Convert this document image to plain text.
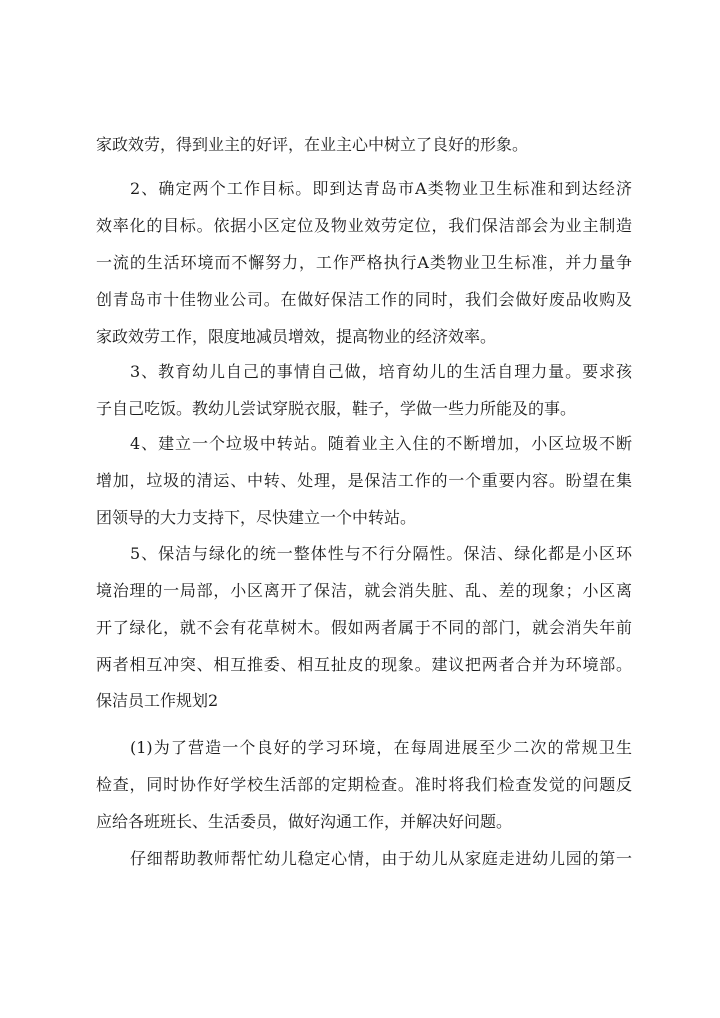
家政效劳，得到业主的好评，在业主心中树立了良好的形象。
2、确定两个工作目标。即到达青岛市A类物业卫生标准和到达经济
效率化的目标。依据小区定位及物业效劳定位，我们保洁部会为业主制造
一流的生活环境而不懈努力，工作严格执行A类物业卫生标准，并力量争
创青岛市十佳物业公司。在做好保洁工作的同时，我们会做好废品收购及
家政效劳工作，限度地减员增效，提高物业的经济效率。
3、教育幼儿自己的事情自己做，培育幼儿的生活自理力量。要求孩
子自己吃饭。教幼儿尝试穿脱衣服，鞋子，学做一些力所能及的事。
4、建立一个垃圾中转站。随着业主入住的不断增加，小区垃圾不断
增加，垃圾的清运、中转、处理，是保洁工作的一个重要内容。盼望在集
团领导的大力支持下，尽快建立一个中转站。
5、保洁与绿化的统一整体性与不行分隔性。保洁、绿化都是小区环
境治理的一局部，小区离开了保洁，就会消失脏、乱、差的现象；小区离
开了绿化，就不会有花草树木。假如两者属于不同的部门，就会消失年前
两者相互冲突、相互推委、相互扯皮的现象。建议把两者合并为环境部。
保洁员工作规划2
(1)为了营造一个良好的学习环境，在每周进展至少二次的常规卫生
检查，同时协作好学校生活部的定期检查。准时将我们检查发觉的问题反
应给各班班长、生活委员，做好沟通工作，并解决好问题。
仔细帮助教师帮忙幼儿稳定心情，由于幼儿从家庭走进幼儿园的第一
